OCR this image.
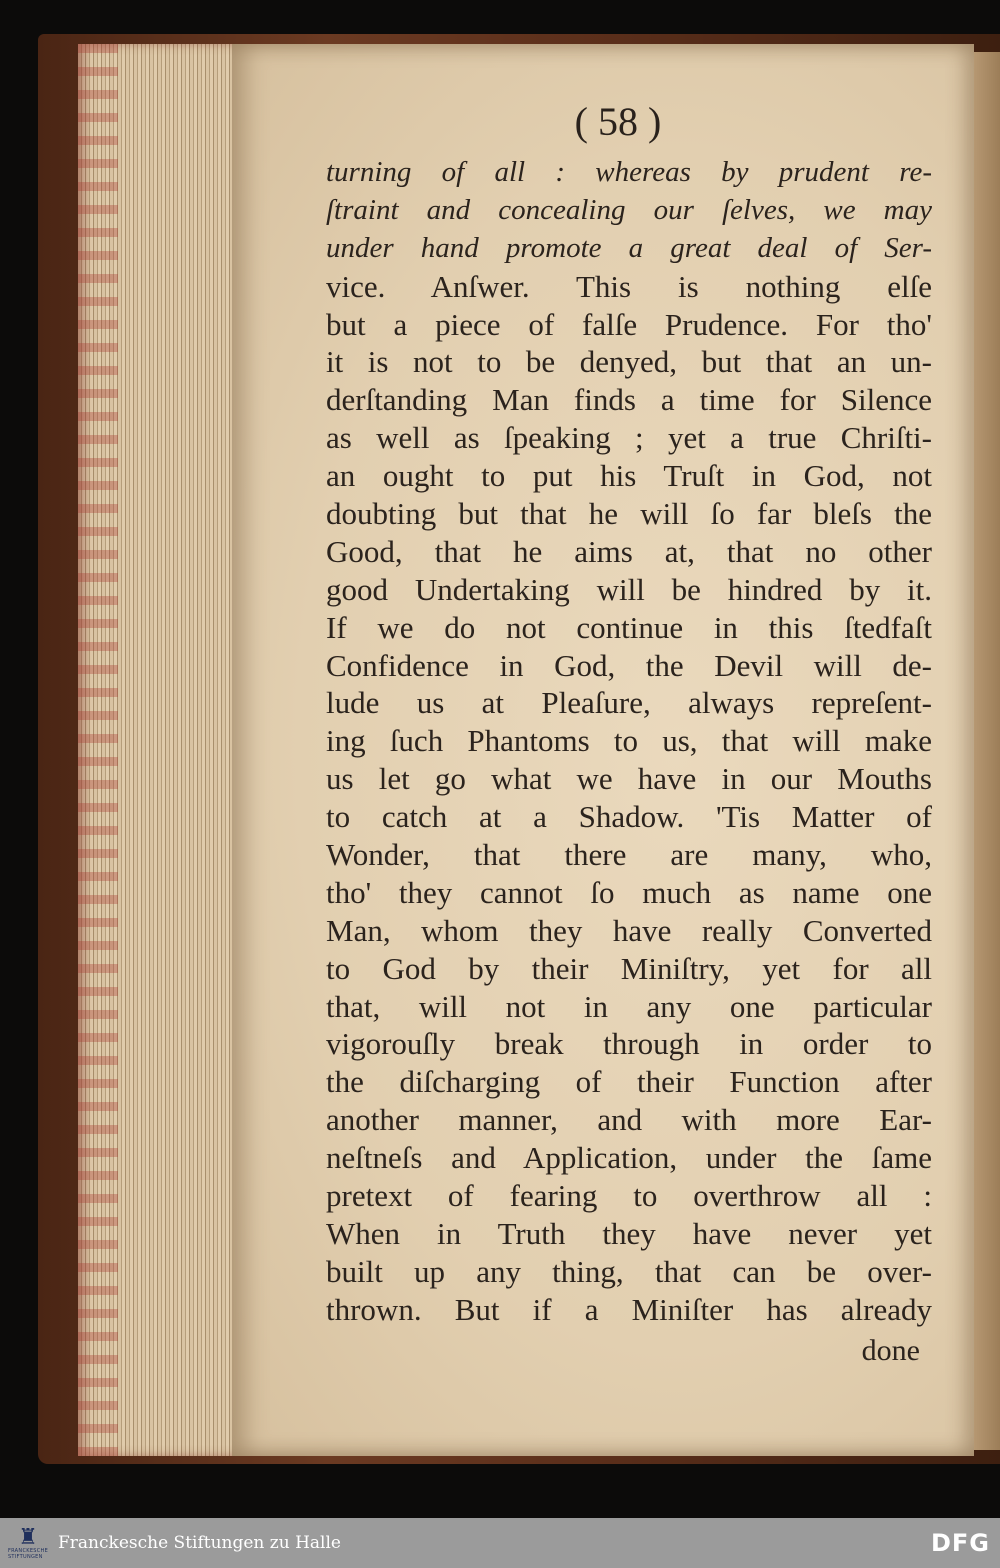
( 58 )
turning of all : whereas by prudent re-
ſtraint and concealing our ſelves, we may
under hand promote a great deal of Ser-
vice. Anſwer. This is nothing elſe
but a piece of falſe Prudence. For tho'
it is not to be denyed, but that an un-
derſtanding Man finds a time for Silence
as well as ſpeaking ; yet a true Chriſti-
an ought to put his Truſt in God, not
doubting but that he will ſo far bleſs the
Good, that he aims at, that no other
good Undertaking will be hindred by it.
If we do not continue in this ſtedfaſt
Confidence in God, the Devil will de-
lude us at Pleaſure, always repreſent-
ing ſuch Phantoms to us, that will make
us let go what we have in our Mouths
to catch at a Shadow. 'Tis Matter of
Wonder, that there are many, who,
tho' they cannot ſo much as name one
Man, whom they have really Converted
to God by their Miniſtry, yet for all
that, will not in any one particular
vigorouſly break through in order to
the diſcharging of their Function after
another manner, and with more Ear-
neſtneſs and Application, under the ſame
pretext of fearing to overthrow all :
When in Truth they have never yet
built up any thing, that can be over-
thrown. But if a Miniſter has already
done
♜
FRANCKESCHE STIFTUNGEN
Franckesche Stiftungen zu Halle	DFG
